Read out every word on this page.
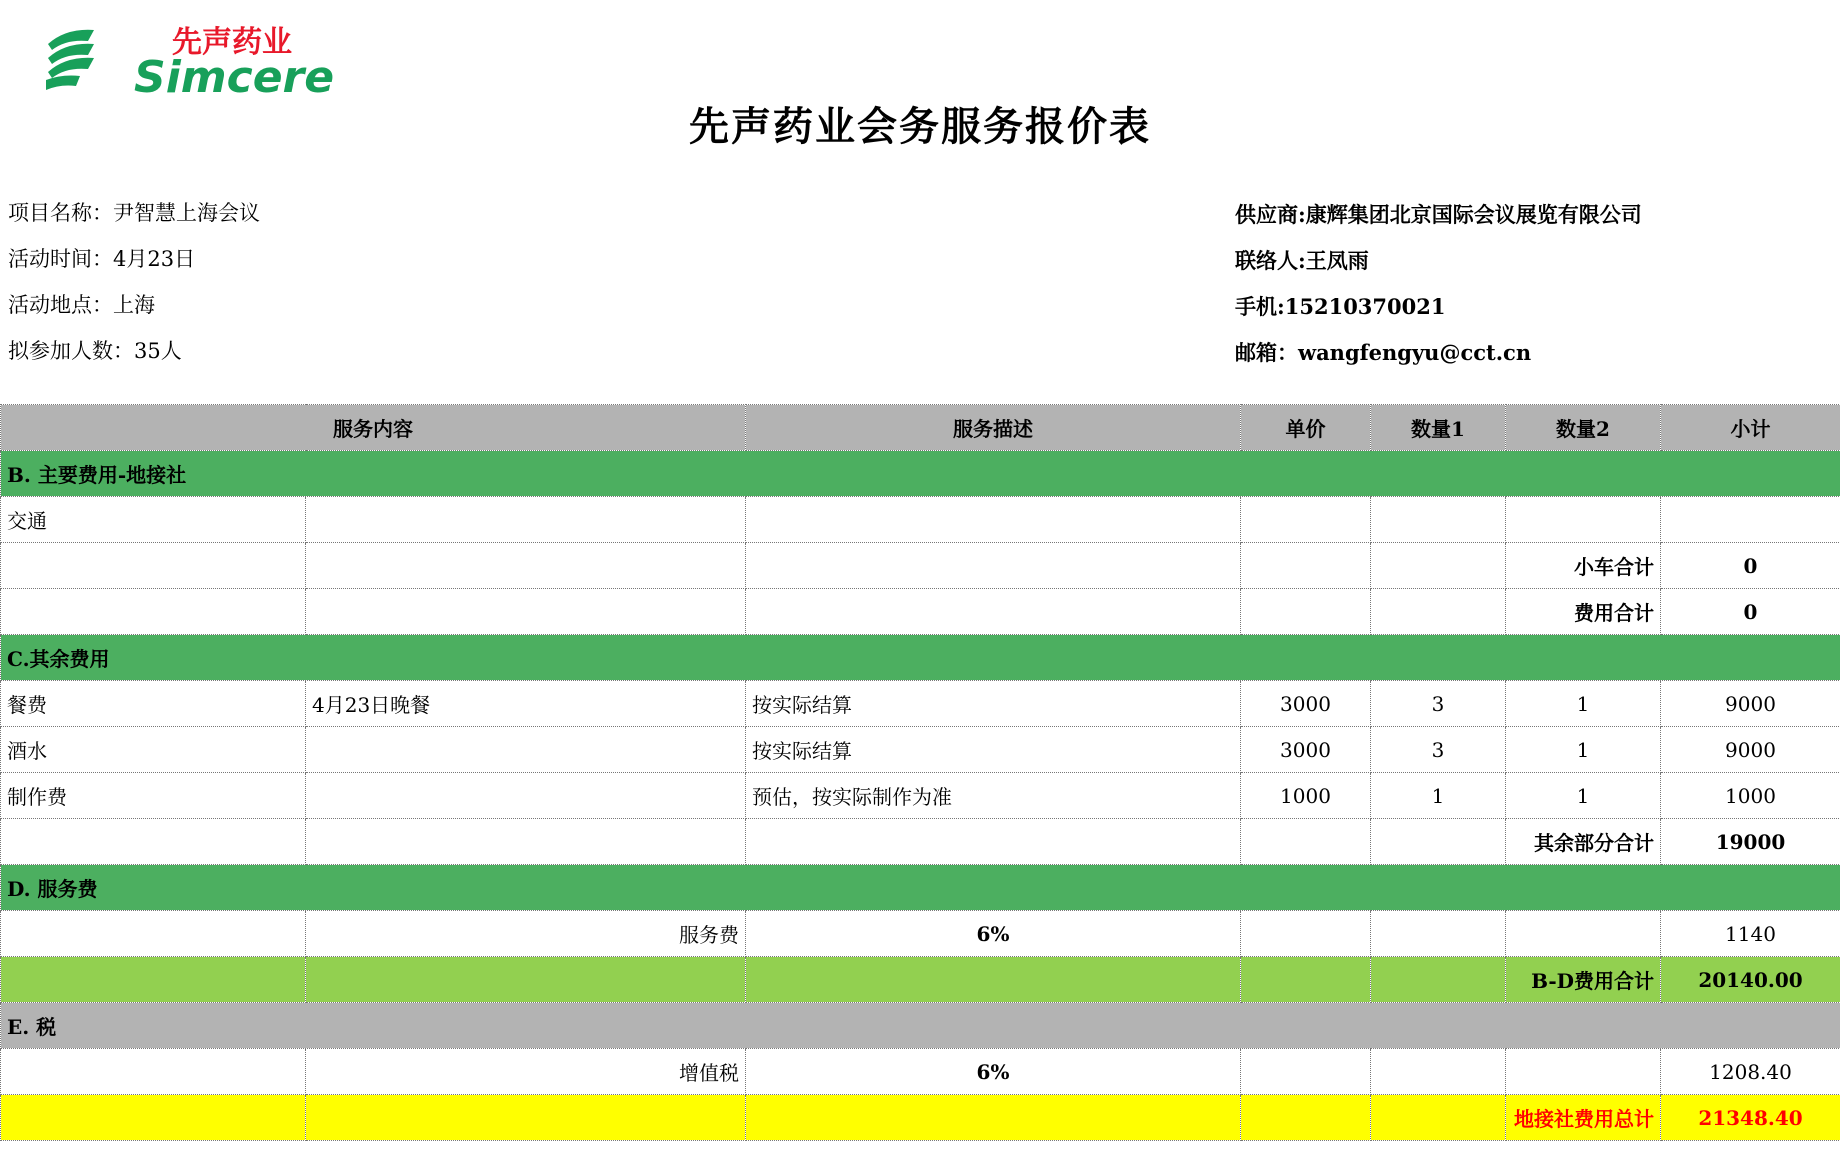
先声药业
Simcere
先声药业会务服务报价表
项目名称：尹智慧上海会议
活动时间：4月23日
活动地点：上海
拟参加人数：35人
供应商:康辉集团北京国际会议展览有限公司
联络人:王凤雨
手机:15210370021
邮箱：wangfengyu@cct.cn
服务内容		服务描述	单价	数量1	数量2	小计
B. 主要费用-地接社						
交通						
					小车合计	0
					费用合计	0
C.其余费用						
餐费	4月23日晚餐	按实际结算	3000	3	1	9000
酒水		按实际结算	3000	3	1	9000
制作费		预估，按实际制作为准	1000	1	1	1000
					其余部分合计	19000
D. 服务费						
	服务费	6%				1140
					B-D费用合计	20140.00
E. 税						
	增值税	6%				1208.40
					地接社费用总计	21348.40
